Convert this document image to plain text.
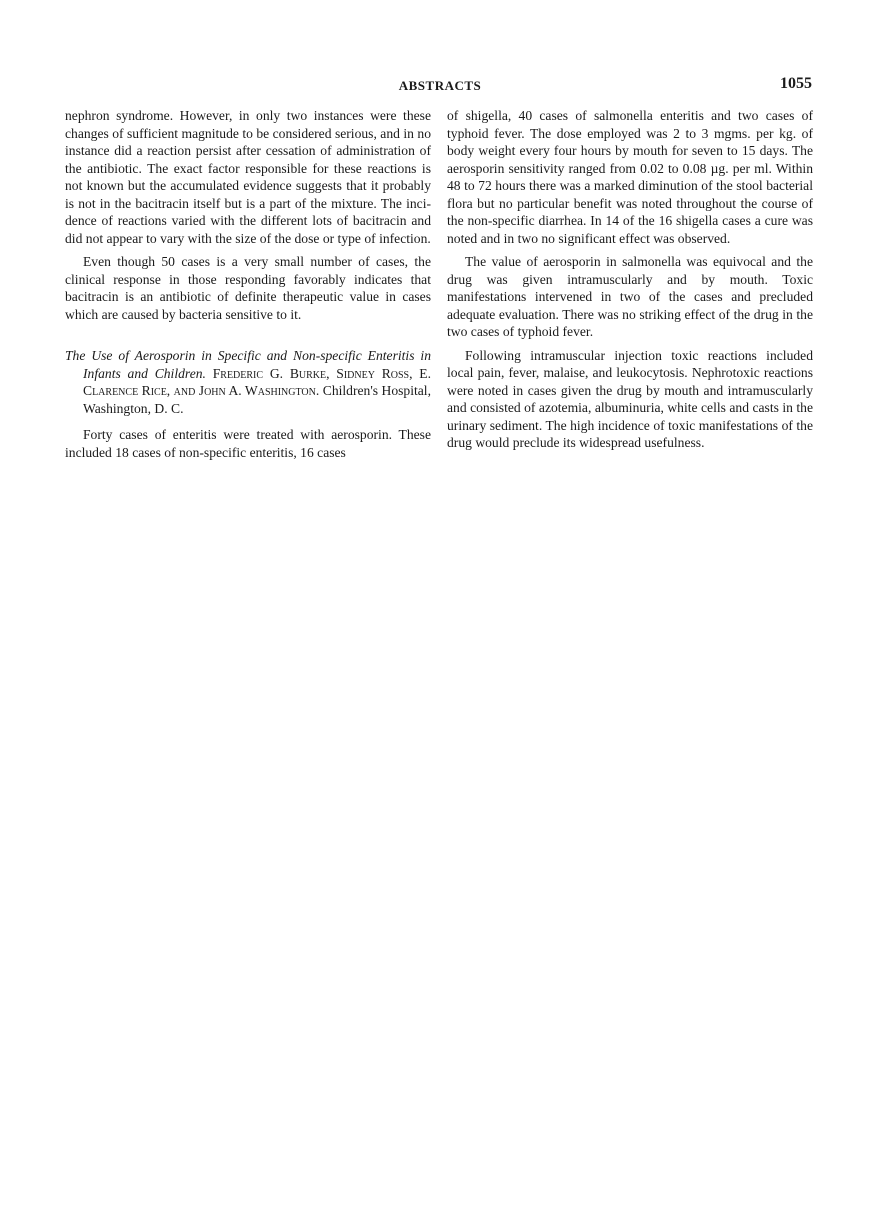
ABSTRACTS	1055

nephron syndrome. However, in only two instances were these changes of sufficient magnitude to be considered serious, and in no instance did a reaction persist after cessation of administration of the antibiotic. The exact factor responsible for these reactions is not known but the accumulated evidence suggests that it probably is not in the bacitracin itself but is a part of the mixture. The incidence of reactions varied with the different lots of bacitracin and did not appear to vary with the size of the dose or type of infection.

Even though 50 cases is a very small number of cases, the clinical response in those responding favorably indicates that bacitracin is an antibiotic of definite therapeutic value in cases which are caused by bacteria sensitive to it.

The Use of Aerosporin in Specific and Non-specific Enteritis in Infants and Children. Frederic G. Burke, Sidney Ross, E. Clarence Rice, and John A. Washington. Children's Hospital, Washington, D. C.

Forty cases of enteritis were treated with aerosporin. These included 18 cases of non-specific enteritis, 16 cases

of shigella, 40 cases of salmonella enteritis and two cases of typhoid fever. The dose employed was 2 to 3 mgms. per kg. of body weight every four hours by mouth for seven to 15 days. The aerosporin sensitivity ranged from 0.02 to 0.08 µg. per ml. Within 48 to 72 hours there was a marked diminution of the stool bacterial flora but no particular benefit was noted throughout the course of the non-specific diarrhea. In 14 of the 16 shigella cases a cure was noted and in two no significant effect was observed.

The value of aerosporin in salmonella was equivocal and the drug was given intramuscularly and by mouth. Toxic manifestations intervened in two of the cases and precluded adequate evaluation. There was no striking effect of the drug in the two cases of typhoid fever.

Following intramuscular injection toxic reactions included local pain, fever, malaise, and leukocytosis. Nephrotoxic reactions were noted in cases given the drug by mouth and intramuscularly and consisted of azotemia, albuminuria, white cells and casts in the urinary sediment. The high incidence of toxic manifestations of the drug would preclude its widespread usefulness.
